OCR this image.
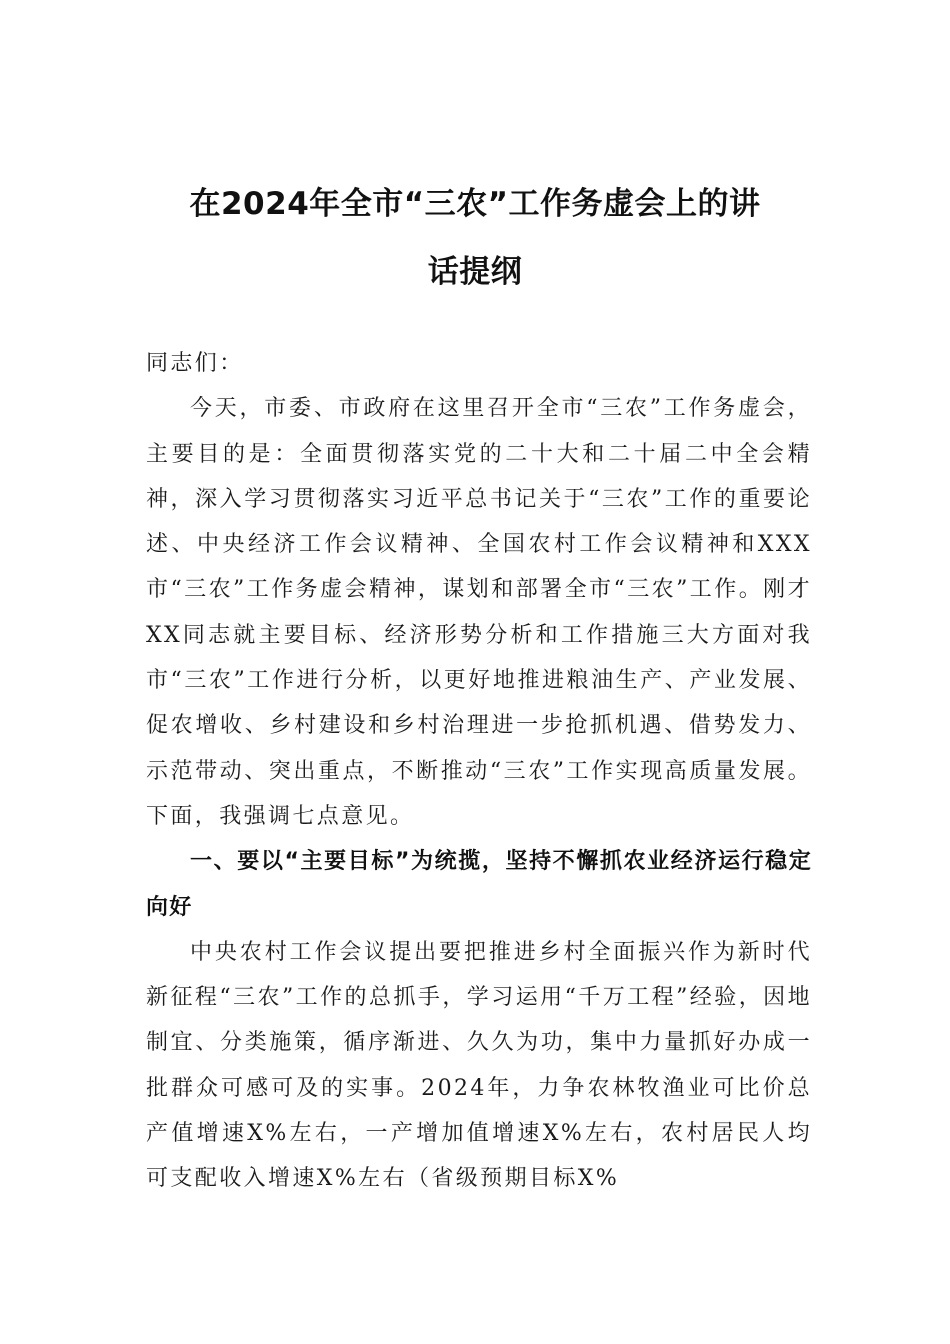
在2024年全市“三农”工作务虚会上的讲
话提纲

同志们：

今天，市委、市政府在这里召开全市“三农”工作务虚会，主要目的是：全面贯彻落实党的二十大和二十届二中全会精神，深入学习贯彻落实习近平总书记关于“三农”工作的重要论述、中央经济工作会议精神、全国农村工作会议精神和XXX市“三农”工作务虚会精神，谋划和部署全市“三农”工作。刚才XX同志就主要目标、经济形势分析和工作措施三大方面对我市“三农”工作进行分析，以更好地推进粮油生产、产业发展、促农增收、乡村建设和乡村治理进一步抢抓机遇、借势发力、示范带动、突出重点，不断推动“三农”工作实现高质量发展。下面，我强调七点意见。

一、要以“主要目标”为统揽，坚持不懈抓农业经济运行稳定向好

中央农村工作会议提出要把推进乡村全面振兴作为新时代新征程“三农”工作的总抓手，学习运用“千万工程”经验，因地制宜、分类施策，循序渐进、久久为功，集中力量抓好办成一批群众可感可及的实事。2024年，力争农林牧渔业可比价总产值增速X%左右，一产增加值增速X%左右，农村居民人均可支配收入增速X%左右（省级预期目标X%
